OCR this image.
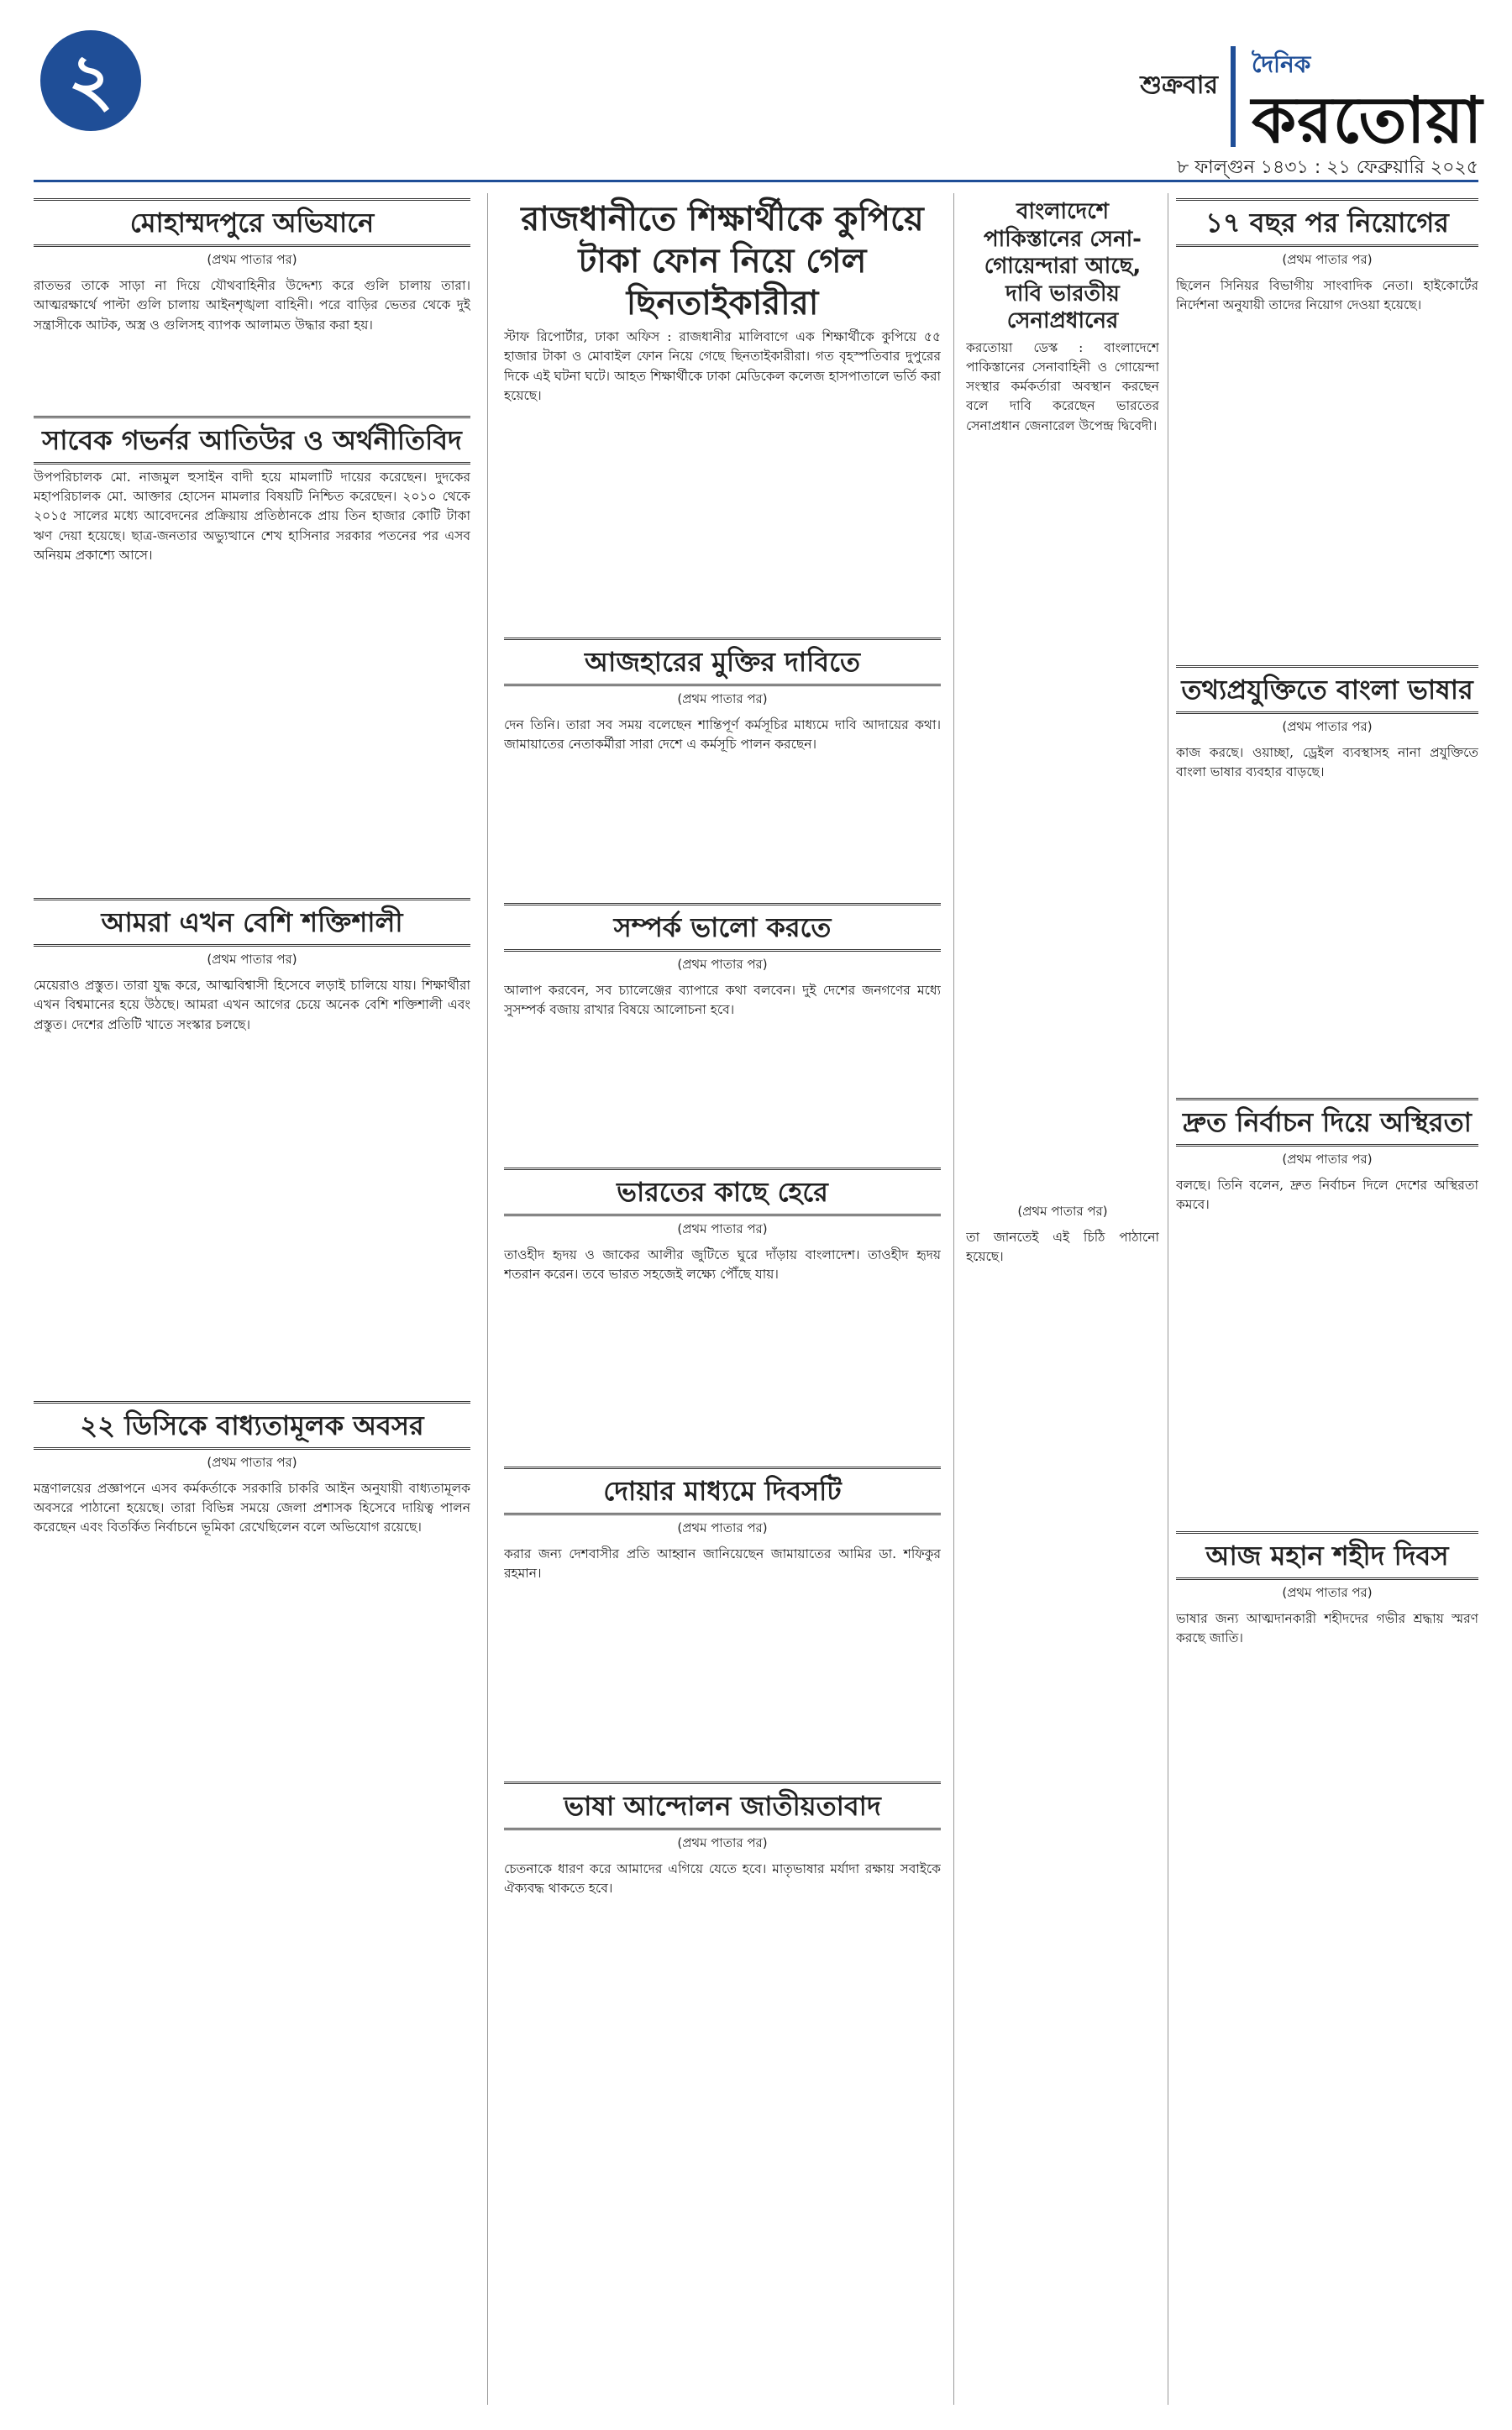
২	শুক্রবার
দৈনিক
করতোয়া
৮ ফাল্গুন ১৪৩১ : ২১ ফেব্রুয়ারি ২০২৫
মোহাম্মদপুরে অভিযানে
(প্রথম পাতার পর)

রাতভর তাকে সাড়া না দিয়ে যৌথবাহিনীর উদ্দেশ্য করে গুলি চালায় তারা। আত্মরক্ষার্থে পাল্টা গুলি চালায় আইনশৃঙ্খলা বাহিনী। পরে বাড়ির ভেতর থেকে দুই সন্ত্রাসীকে আটক, অস্ত্র ও গুলিসহ ব্যাপক আলামত উদ্ধার করা হয়।

সাবেক গভর্নর আতিউর ও অর্থনীতিবিদ

উপপরিচালক মো. নাজমুল হুসাইন বাদী হয়ে মামলাটি দায়ের করেছেন। দুদকের মহাপরিচালক মো. আক্তার হোসেন মামলার বিষয়টি নিশ্চিত করেছেন। ২০১০ থেকে ২০১৫ সালের মধ্যে আবেদনের প্রক্রিয়ায় প্রতিষ্ঠানকে প্রায় তিন হাজার কোটি টাকা ঋণ দেয়া হয়েছে। ছাত্র-জনতার অভ্যুত্থানে শেখ হাসিনার সরকার পতনের পর এসব অনিয়ম প্রকাশ্যে আসে।

আমরা এখন বেশি শক্তিশালী
(প্রথম পাতার পর)

মেয়েরাও প্রস্তুত। তারা যুদ্ধ করে, আত্মবিশ্বাসী হিসেবে লড়াই চালিয়ে যায়। শিক্ষার্থীরা এখন বিশ্বমানের হয়ে উঠছে। আমরা এখন আগের চেয়ে অনেক বেশি শক্তিশালী এবং প্রস্তুত। দেশের প্রতিটি খাতে সংস্কার চলছে।

২২ ডিসিকে বাধ্যতামূলক অবসর
(প্রথম পাতার পর)

মন্ত্রণালয়ের প্রজ্ঞাপনে এসব কর্মকর্তাকে সরকারি চাকরি আইন অনুযায়ী বাধ্যতামূলক অবসরে পাঠানো হয়েছে। তারা বিভিন্ন সময়ে জেলা প্রশাসক হিসেবে দায়িত্ব পালন করেছেন এবং বিতর্কিত নির্বাচনে ভূমিকা রেখেছিলেন বলে অভিযোগ রয়েছে।

রাজধানীতে শিক্ষার্থীকে কুপিয়ে টাকা ফোন নিয়ে গেল ছিনতাইকারীরা

স্টাফ রিপোর্টার, ঢাকা অফিস : রাজধানীর মালিবাগে এক শিক্ষার্থীকে কুপিয়ে ৫৫ হাজার টাকা ও মোবাইল ফোন নিয়ে গেছে ছিনতাইকারীরা। গত বৃহস্পতিবার দুপুরের দিকে এই ঘটনা ঘটে। আহত শিক্ষার্থীকে ঢাকা মেডিকেল কলেজ হাসপাতালে ভর্তি করা হয়েছে।

আজহারের মুক্তির দাবিতে
(প্রথম পাতার পর)

দেন তিনি। তারা সব সময় বলেছেন শান্তিপূর্ণ কর্মসূচির মাধ্যমে দাবি আদায়ের কথা। জামায়াতের নেতাকর্মীরা সারা দেশে এ কর্মসূচি পালন করছেন।

সম্পর্ক ভালো করতে
(প্রথম পাতার পর)

আলাপ করবেন, সব চ্যালেঞ্জের ব্যাপারে কথা বলবেন। দুই দেশের জনগণের মধ্যে সুসম্পর্ক বজায় রাখার বিষয়ে আলোচনা হবে।

ভারতের কাছে হেরে
(প্রথম পাতার পর)

তাওহীদ হৃদয় ও জাকের আলীর জুটিতে ঘুরে দাঁড়ায় বাংলাদেশ। তাওহীদ হৃদয় শতরান করেন। তবে ভারত সহজেই লক্ষ্যে পৌঁছে যায়।

দোয়ার মাধ্যমে দিবসটি
(প্রথম পাতার পর)

করার জন্য দেশবাসীর প্রতি আহ্বান জানিয়েছেন জামায়াতের আমির ডা. শফিকুর রহমান।

ভাষা আন্দোলন জাতীয়তাবাদ
(প্রথম পাতার পর)

চেতনাকে ধারণ করে আমাদের এগিয়ে যেতে হবে। মাতৃভাষার মর্যাদা রক্ষায় সবাইকে ঐক্যবদ্ধ থাকতে হবে।

বাংলাদেশে পাকিস্তানের সেনা-গোয়েন্দারা আছে, দাবি ভারতীয় সেনাপ্রধানের

করতোয়া ডেস্ক : বাংলাদেশে পাকিস্তানের সেনাবাহিনী ও গোয়েন্দা সংস্থার কর্মকর্তারা অবস্থান করছেন বলে দাবি করেছেন ভারতের সেনাপ্রধান জেনারেল উপেন্দ্র দ্বিবেদী।

(প্রথম পাতার পর)

তা জানতেই এই চিঠি পাঠানো হয়েছে।

১৭ বছর পর নিয়োগের
(প্রথম পাতার পর)

ছিলেন সিনিয়র বিভাগীয় সাংবাদিক নেতা। হাইকোর্টের নির্দেশনা অনুযায়ী তাদের নিয়োগ দেওয়া হয়েছে।

তথ্যপ্রযুক্তিতে বাংলা ভাষার
(প্রথম পাতার পর)

কাজ করছে। ওয়াচ্ছা, ড্রেইল ব্যবস্থাসহ নানা প্রযুক্তিতে বাংলা ভাষার ব্যবহার বাড়ছে।

দ্রুত নির্বাচন দিয়ে অস্থিরতা
(প্রথম পাতার পর)

বলছে। তিনি বলেন, দ্রুত নির্বাচন দিলে দেশের অস্থিরতা কমবে।

আজ মহান শহীদ দিবস
(প্রথম পাতার পর)

ভাষার জন্য আত্মদানকারী শহীদদের গভীর শ্রদ্ধায় স্মরণ করছে জাতি।
